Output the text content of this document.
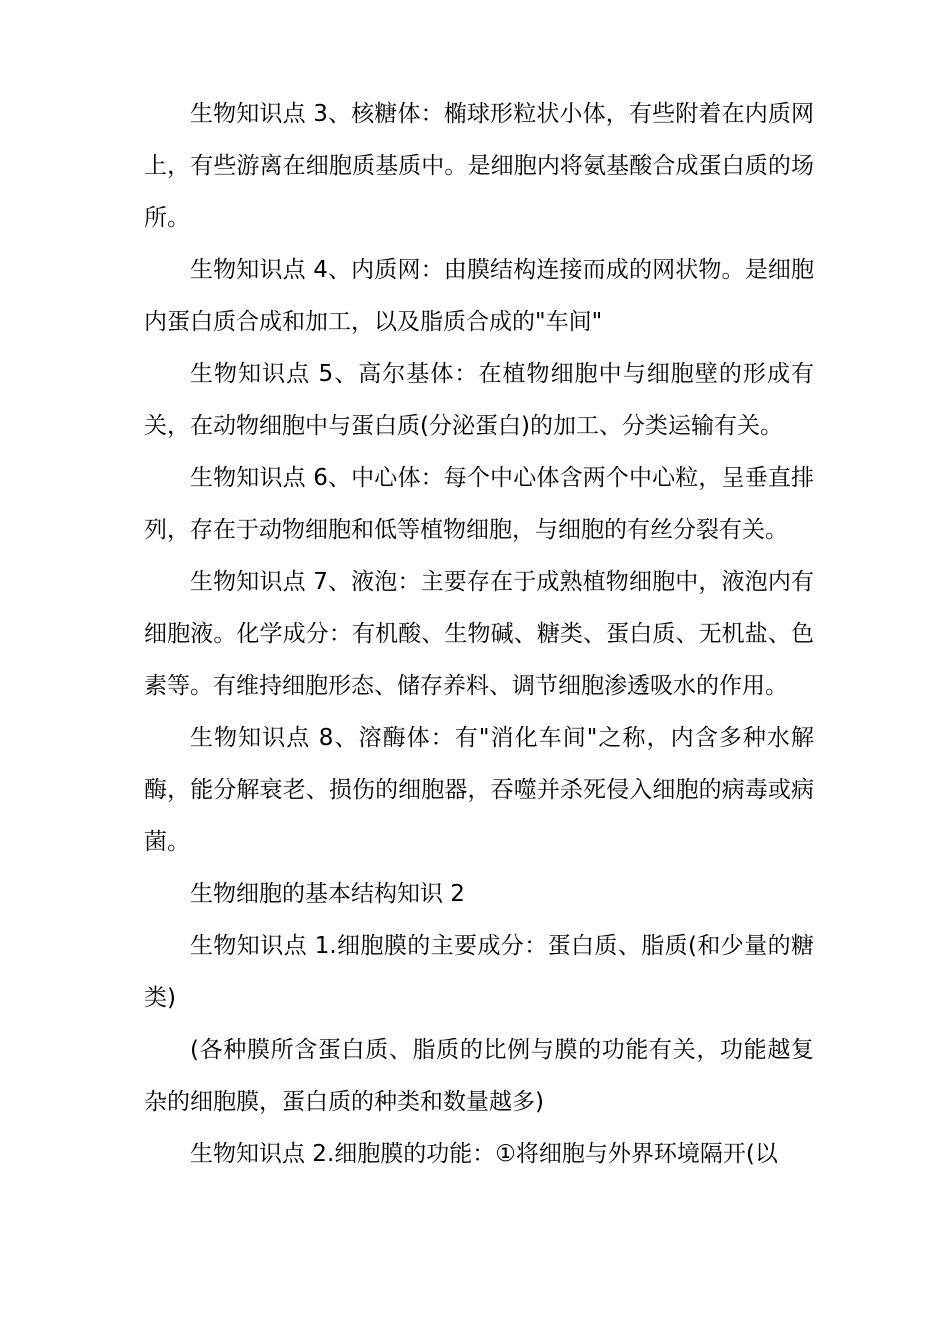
生物知识点 3、核糖体：椭球形粒状小体，有些附着在内质网上，有些游离在细胞质基质中。是细胞内将氨基酸合成蛋白质的场所。

生物知识点 4、内质网：由膜结构连接而成的网状物。是细胞内蛋白质合成和加工，以及脂质合成的"车间"

生物知识点 5、高尔基体：在植物细胞中与细胞壁的形成有关，在动物细胞中与蛋白质(分泌蛋白)的加工、分类运输有关。

生物知识点 6、中心体：每个中心体含两个中心粒，呈垂直排列，存在于动物细胞和低等植物细胞，与细胞的有丝分裂有关。

生物知识点 7、液泡：主要存在于成熟植物细胞中，液泡内有细胞液。化学成分：有机酸、生物碱、糖类、蛋白质、无机盐、色素等。有维持细胞形态、储存养料、调节细胞渗透吸水的作用。

生物知识点 8、溶酶体：有"消化车间"之称，内含多种水解酶，能分解衰老、损伤的细胞器，吞噬并杀死侵入细胞的病毒或病菌。

生物细胞的基本结构知识 2

生物知识点 1.细胞膜的主要成分：蛋白质、脂质(和少量的糖类)

(各种膜所含蛋白质、脂质的比例与膜的功能有关，功能越复杂的细胞膜，蛋白质的种类和数量越多)

生物知识点 2.细胞膜的功能：①将细胞与外界环境隔开(以
